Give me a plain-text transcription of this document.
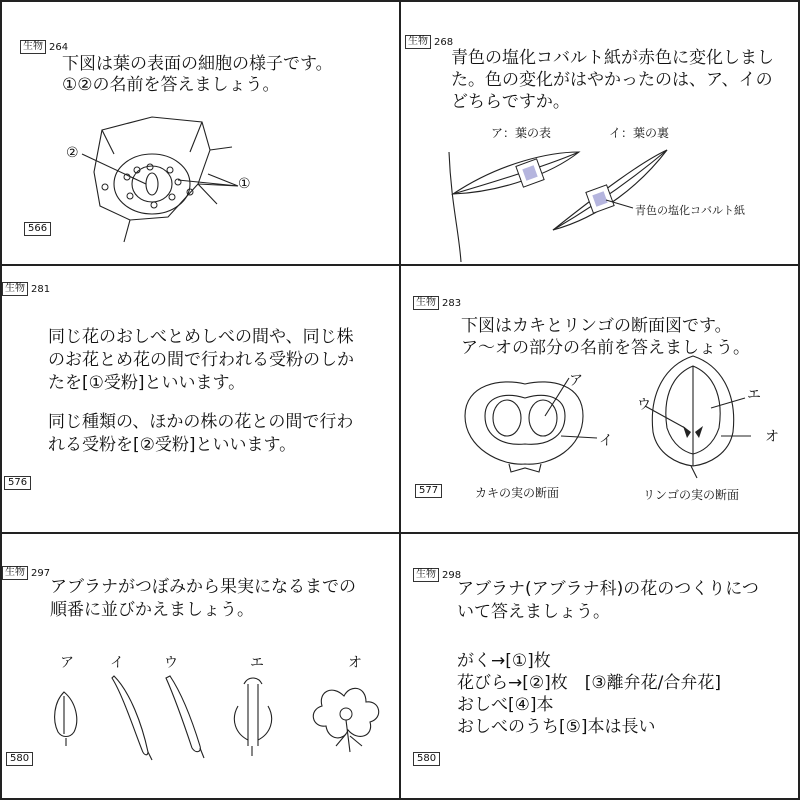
生物 264
下図は葉の表面の細胞の様子です。
①②の名前を答えましょう。
②
①
566
生物 268
青色の塩化コバルト紙が赤色に変化しまし
た。色の変化がはやかったのは、ア、イの
どちらですか。
ア：葉の表	イ：葉の裏
青色の塩化コバルト紙
生物 281
同じ花のおしべとめしべの間や、同じ株
のお花とめ花の間で行われる受粉のしか
たを[①受粉]といいます。
同じ種類の、ほかの株の花との間で行わ
れる受粉を[②受粉]といいます。
576
生物 283
下図はカキとリンゴの断面図です。
ア〜オの部分の名前を答えましょう。
ア
イ
ウ
エ
オ
577	カキの実の断面	リンゴの実の断面
生物 297
アブラナがつぼみから果実になるまでの
順番に並びかえましょう。
ア	イ	ウ	エ	オ
580
生物 298
アブラナ(アブラナ科)の花のつくりにつ
いて答えましょう。
がく→[①]枚
花びら→[②]枚　[③離弁花/合弁花]
おしべ[④]本
おしべのうち[⑤]本は長い
580
